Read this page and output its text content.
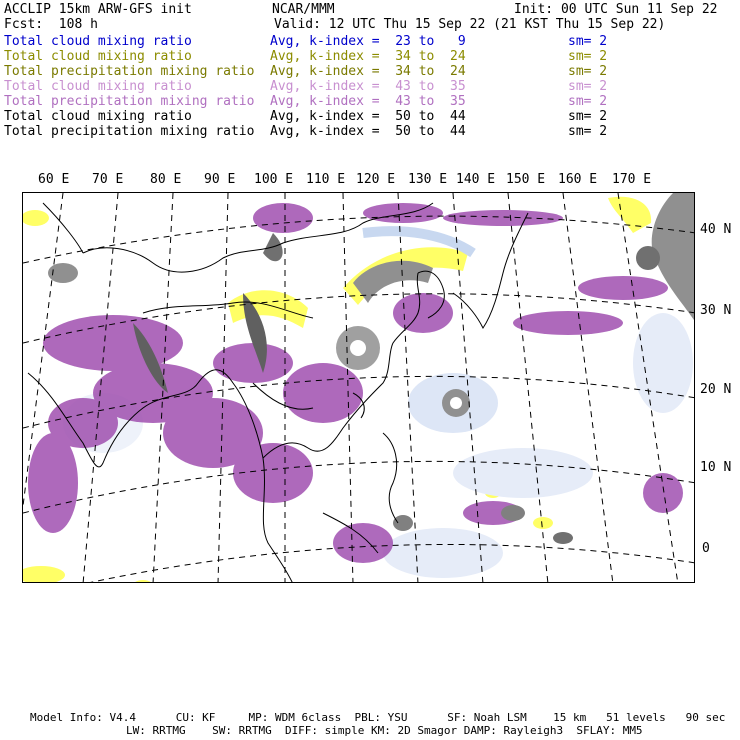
ACCLIP 15km ARW-GFS init	NCAR/MMM	Init: 00 UTC Sun 11 Sep 22
Fcst:  108 h	Valid: 12 UTC Thu 15 Sep 22 (21 KST Thu 15 Sep 22)
Total cloud mixing ratio	Avg, k-index =  23 to   9	sm= 2
Total cloud mixing ratio	Avg, k-index =  34 to  24	sm= 2
Total precipitation mixing ratio Avg, k-index =  34 to  24	sm= 2
Total cloud mixing ratio	Avg, k-index =  43 to  35	sm= 2
Total precipitation mixing ratio Avg, k-index =  43 to  35	sm= 2
Total cloud mixing ratio	Avg, k-index =  50 to  44	sm= 2
Total precipitation mixing ratio Avg, k-index =  50 to  44	sm= 2
60 E 70 E 80 E 90 E 100 E 110 E 120 E 130 E 140 E 150 E 160 E 170 E
40 N
30 N
20 N
10 N
0
Model Info: V4.4      CU: KF     MP: WDM 6class  PBL: YSU      SF: Noah LSM    15 km   51 levels   90 sec
LW: RRTMG    SW: RRTMG  DIFF: simple KM: 2D Smagor DAMP: Rayleigh3  SFLAY: MM5
